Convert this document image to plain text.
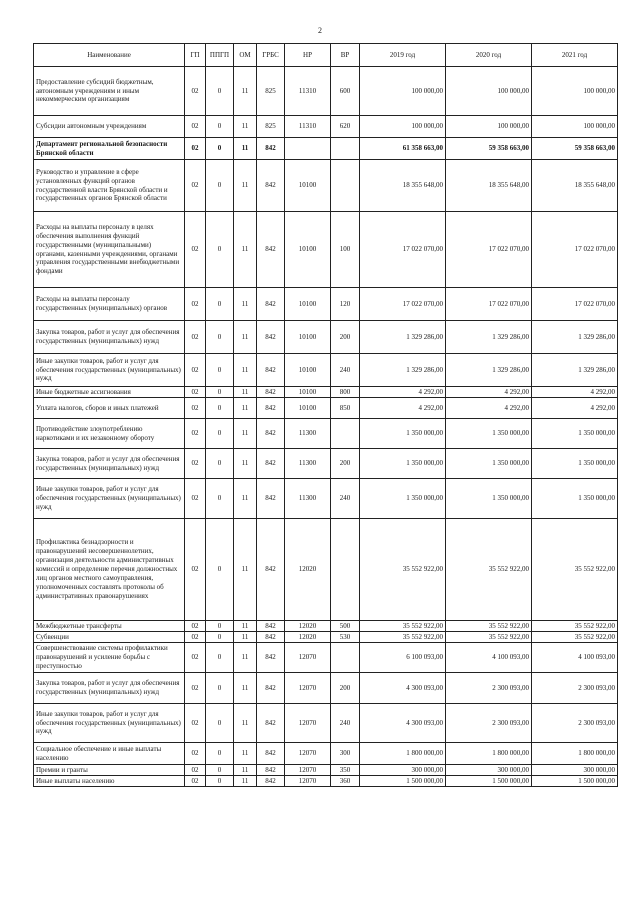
2
Наименование	ГП	ППГП	ОМ	ГРБС	НР	ВР	2019 год	2020 год	2021 год
Предоставление субсидий бюджетным, автономным учреждениям и иным некоммерческим организациям	02	0	11	825	11310	600	100 000,00	100 000,00	100 000,00
Субсидии автономным учреждениям	02	0	11	825	11310	620	100 000,00	100 000,00	100 000,00
Департамент региональной безопасности Брянской области	02	0	11	842			61 358 663,00	59 358 663,00	59 358 663,00
Руководство и управление в сфере установленных функций органов государственной власти Брянской области и государственных органов Брянской области	02	0	11	842	10100		18 355 648,00	18 355 648,00	18 355 648,00
Расходы на выплаты персоналу в целях обеспечения выполнения функций государственными (муниципальными) органами, казенными учреждениями, органами управления государственными внебюджетными фондами	02	0	11	842	10100	100	17 022 070,00	17 022 070,00	17 022 070,00
Расходы на выплаты персоналу государственных (муниципальных) органов	02	0	11	842	10100	120	17 022 070,00	17 022 070,00	17 022 070,00
Закупка товаров, работ и услуг для обеспечения государственных (муниципальных) нужд	02	0	11	842	10100	200	1 329 286,00	1 329 286,00	1 329 286,00
Иные закупки товаров, работ и услуг для обеспечения государственных (муниципальных) нужд	02	0	11	842	10100	240	1 329 286,00	1 329 286,00	1 329 286,00
Иные бюджетные ассигнования	02	0	11	842	10100	800	4 292,00	4 292,00	4 292,00
Уплата налогов, сборов и иных платежей	02	0	11	842	10100	850	4 292,00	4 292,00	4 292,00
Противодействие злоупотреблению наркотиками и их незаконному обороту	02	0	11	842	11300		1 350 000,00	1 350 000,00	1 350 000,00
Закупка товаров, работ и услуг для обеспечения государственных (муниципальных) нужд	02	0	11	842	11300	200	1 350 000,00	1 350 000,00	1 350 000,00
Иные закупки товаров, работ и услуг для обеспечения государственных (муниципальных) нужд	02	0	11	842	11300	240	1 350 000,00	1 350 000,00	1 350 000,00
Профилактика безнадзорности и правонарушений несовершеннолетних, организация деятельности административных комиссий и определение перечня должностных лиц органов местного самоуправления, уполномоченных составлять протоколы об административных правонарушениях	02	0	11	842	12020		35 552 922,00	35 552 922,00	35 552 922,00
Межбюджетные трансферты	02	0	11	842	12020	500	35 552 922,00	35 552 922,00	35 552 922,00
Субвенции	02	0	11	842	12020	530	35 552 922,00	35 552 922,00	35 552 922,00
Совершенствование системы профилактики правонарушений и усиление борьбы с преступностью	02	0	11	842	12070		6 100 093,00	4 100 093,00	4 100 093,00
Закупка товаров, работ и услуг для обеспечения государственных (муниципальных) нужд	02	0	11	842	12070	200	4 300 093,00	2 300 093,00	2 300 093,00
Иные закупки товаров, работ и услуг для обеспечения государственных (муниципальных) нужд	02	0	11	842	12070	240	4 300 093,00	2 300 093,00	2 300 093,00
Социальное обеспечение и иные выплаты населению	02	0	11	842	12070	300	1 800 000,00	1 800 000,00	1 800 000,00
Премии и гранты	02	0	11	842	12070	350	300 000,00	300 000,00	300 000,00
Иные выплаты населению	02	0	11	842	12070	360	1 500 000,00	1 500 000,00	1 500 000,00
